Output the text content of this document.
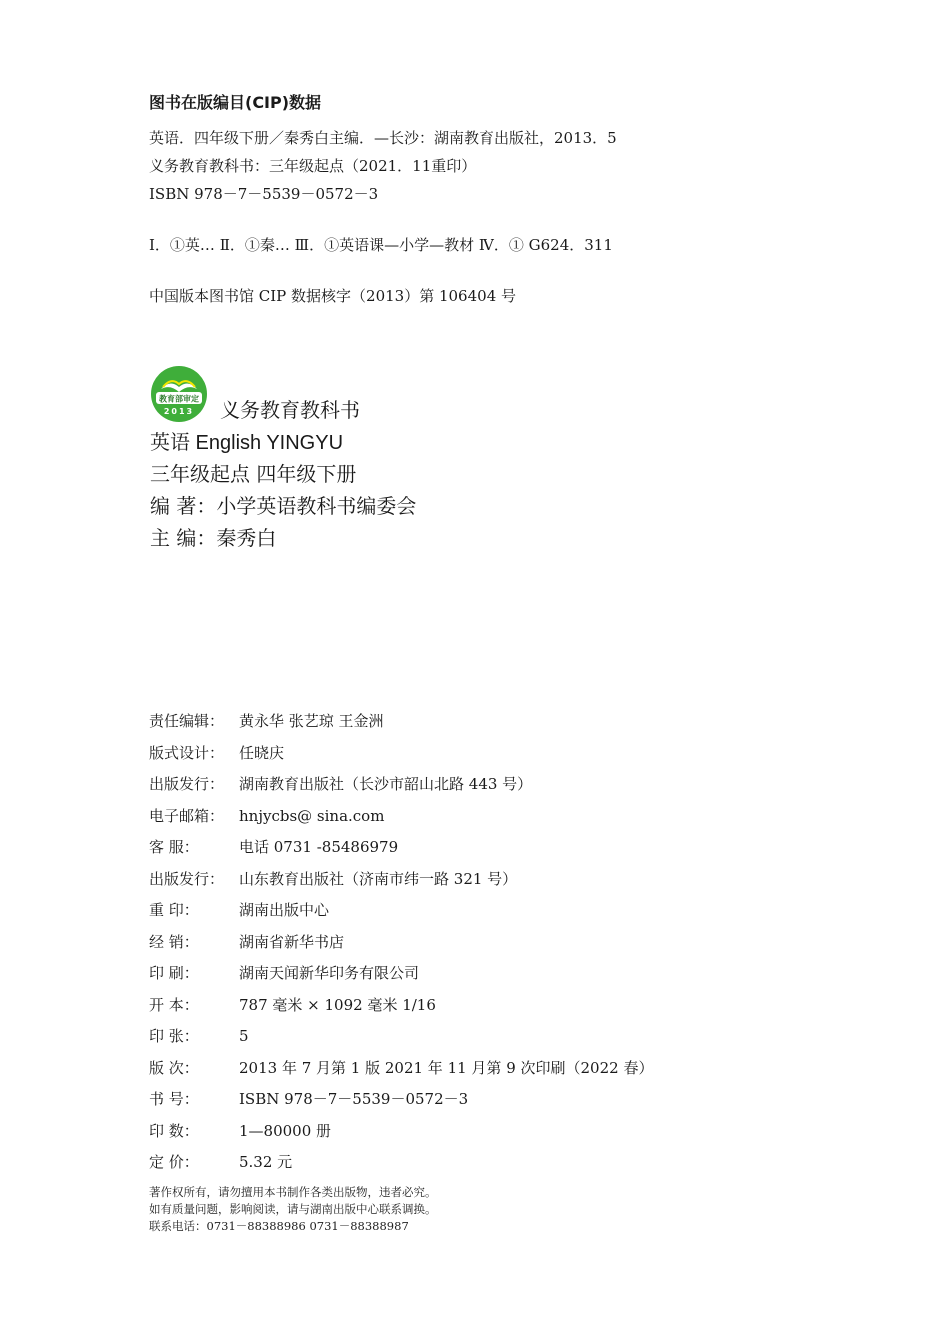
图书在版编目(CIP)数据
英语．四年级下册／秦秀白主编．—长沙：湖南教育出版社，2013．5
义务教育教科书：三年级起点（2021．11重印）
ISBN 978－7－5539－0572－3
Ⅰ．①英… Ⅱ．①秦… Ⅲ．①英语课—小学—教材 Ⅳ．① G624．311
中国版本图书馆 CIP 数据核字（2013）第 106404 号
教育部审定
2013 义务教育教科书
英语 English YINGYU
三年级起点 四年级下册
编 著：小学英语教科书编委会
主 编：秦秀白
责任编辑： 黄永华 张艺琼 王金洲
版式设计： 任晓庆
出版发行： 湖南教育出版社（长沙市韶山北路 443 号）
电子邮箱： hnjycbs@ sina.com
客 服：	电话 0731 -85486979
出版发行： 山东教育出版社（济南市纬一路 321 号）
重 印：	湖南出版中心
经 销：	湖南省新华书店
印 刷：	湖南天闻新华印务有限公司
开 本：	787 毫米 × 1092 毫米 1/16
印 张：	5
版 次：	2013 年 7 月第 1 版 2021 年 11 月第 9 次印刷（2022 春）
书 号：	ISBN 978－7－5539－0572－3
印 数：	1—80000 册
定 价：	5.32 元
著作权所有，请勿擅用本书制作各类出版物，违者必究。
如有质量问题，影响阅读，请与湖南出版中心联系调换。
联系电话：0731－88388986 0731－88388987
